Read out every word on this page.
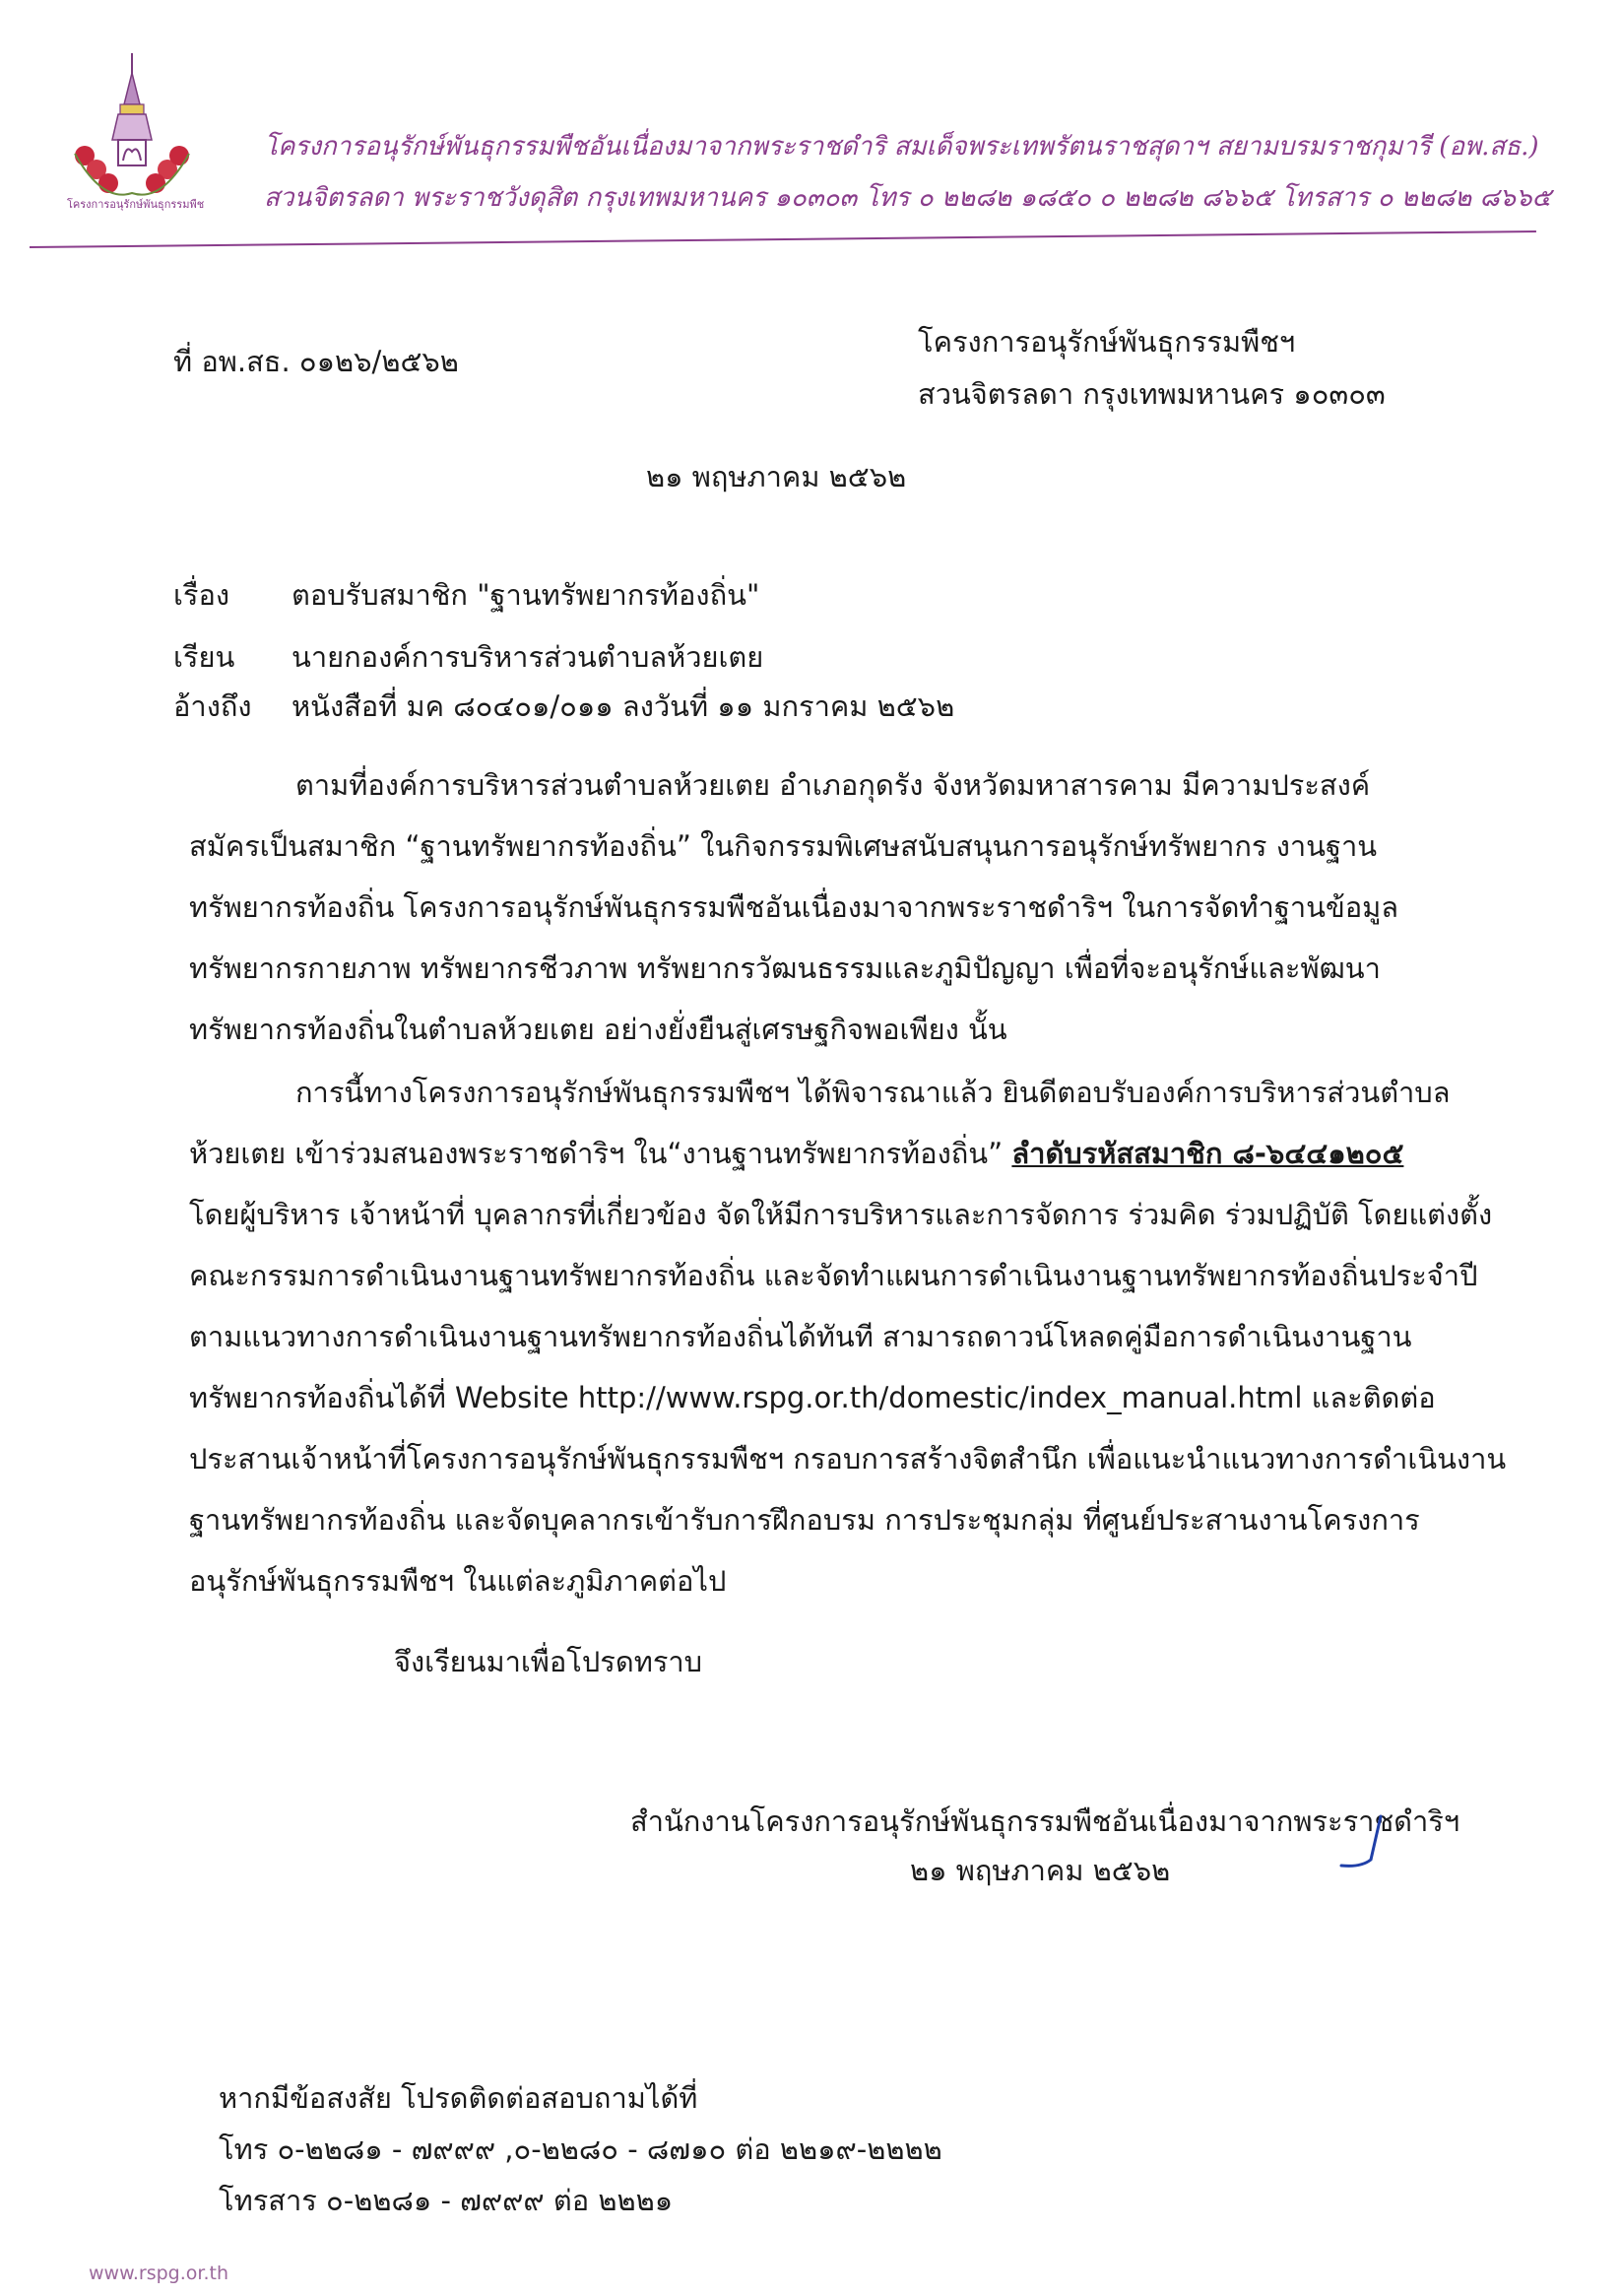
โครงการอนุรักษ์พันธุกรรมพืช
โครงการอนุรักษ์พันธุกรรมพืชอันเนื่องมาจากพระราชดำริ สมเด็จพระเทพรัตนราชสุดาฯ สยามบรมราชกุมารี (อพ.สธ.)
สวนจิตรลดา พระราชวังดุสิต กรุงเทพมหานคร ๑๐๓๐๓ โทร ๐ ๒๒๘๒ ๑๘๕๐ ๐ ๒๒๘๒ ๘๖๖๕ โทรสาร ๐ ๒๒๘๒ ๘๖๖๕
ที่ อพ.สธ. ๐๑๒๖/๒๕๖๒
โครงการอนุรักษ์พันธุกรรมพืชฯ
สวนจิตรลดา กรุงเทพมหานคร ๑๐๓๐๓
๒๑ พฤษภาคม ๒๕๖๒
เรื่อง ตอบรับสมาชิก "ฐานทรัพยากรท้องถิ่น"
เรียน นายกองค์การบริหารส่วนตำบลห้วยเตย
อ้างถึง หนังสือที่ มค ๘๐๔๐๑/๐๑๑ ลงวันที่ ๑๑ มกราคม ๒๕๖๒
ตามที่องค์การบริหารส่วนตำบลห้วยเตย อำเภอกุดรัง จังหวัดมหาสารคาม มีความประสงค์
สมัครเป็นสมาชิก “ฐานทรัพยากรท้องถิ่น” ในกิจกรรมพิเศษสนับสนุนการอนุรักษ์ทรัพยากร งานฐาน
ทรัพยากรท้องถิ่น โครงการอนุรักษ์พันธุกรรมพืชอันเนื่องมาจากพระราชดำริฯ ในการจัดทำฐานข้อมูล
ทรัพยากรกายภาพ ทรัพยากรชีวภาพ ทรัพยากรวัฒนธรรมและภูมิปัญญา เพื่อที่จะอนุรักษ์และพัฒนา
ทรัพยากรท้องถิ่นในตำบลห้วยเตย อย่างยั่งยืนสู่เศรษฐกิจพอเพียง นั้น
การนี้ทางโครงการอนุรักษ์พันธุกรรมพืชฯ ได้พิจารณาแล้ว ยินดีตอบรับองค์การบริหารส่วนตำบล
ห้วยเตย เข้าร่วมสนองพระราชดำริฯ ใน“งานฐานทรัพยากรท้องถิ่น” ลำดับรหัสสมาชิก ๘-๖๔๔๑๒๐๕
โดยผู้บริหาร เจ้าหน้าที่ บุคลากรที่เกี่ยวข้อง จัดให้มีการบริหารและการจัดการ ร่วมคิด ร่วมปฏิบัติ โดยแต่งตั้ง
คณะกรรมการดำเนินงานฐานทรัพยากรท้องถิ่น และจัดทำแผนการดำเนินงานฐานทรัพยากรท้องถิ่นประจำปี
ตามแนวทางการดำเนินงานฐานทรัพยากรท้องถิ่นได้ทันที สามารถดาวน์โหลดคู่มือการดำเนินงานฐาน
ทรัพยากรท้องถิ่นได้ที่ Website http://www.rspg.or.th/domestic/index_manual.html และติดต่อ
ประสานเจ้าหน้าที่โครงการอนุรักษ์พันธุกรรมพืชฯ กรอบการสร้างจิตสำนึก เพื่อแนะนำแนวทางการดำเนินงาน
ฐานทรัพยากรท้องถิ่น และจัดบุคลากรเข้ารับการฝึกอบรม การประชุมกลุ่ม ที่ศูนย์ประสานงานโครงการ
อนุรักษ์พันธุกรรมพืชฯ ในแต่ละภูมิภาคต่อไป
จึงเรียนมาเพื่อโปรดทราบ
สำนักงานโครงการอนุรักษ์พันธุกรรมพืชอันเนื่องมาจากพระราชดำริฯ
๒๑ พฤษภาคม ๒๕๖๒
หากมีข้อสงสัย โปรดติดต่อสอบถามได้ที่
โทร ๐-๒๒๘๑ - ๗๙๙๙ ,๐-๒๒๘๐ - ๘๗๑๐ ต่อ ๒๒๑๙-๒๒๒๒
โทรสาร ๐-๒๒๘๑ - ๗๙๙๙ ต่อ ๒๒๒๑
www.rspg.or.th
